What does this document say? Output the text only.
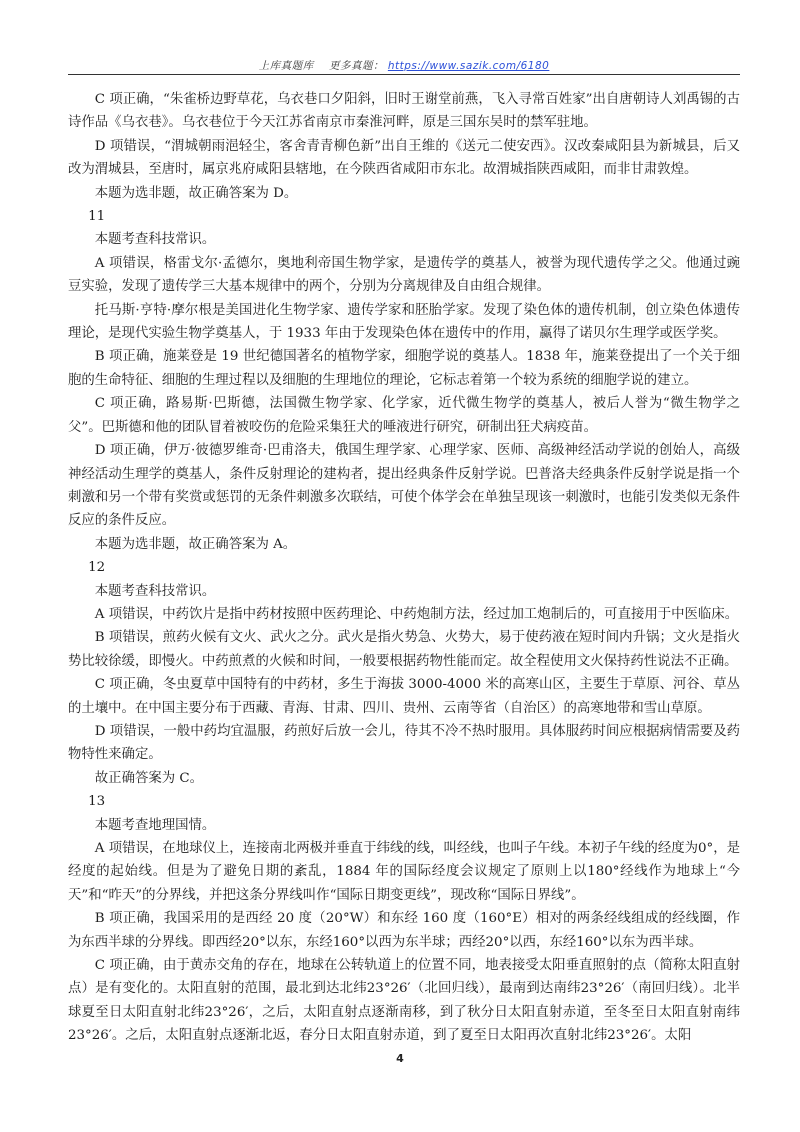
上库真题库 更多真题： https://www.sazik.com/6180

C 项正确，“朱雀桥边野草花，乌衣巷口夕阳斜，旧时王谢堂前燕，飞入寻常百姓家”出自唐朝诗人刘禹锡的古诗作品《乌衣巷》。乌衣巷位于今天江苏省南京市秦淮河畔，原是三国东吴时的禁军驻地。

D 项错误，“渭城朝雨浥轻尘，客舍青青柳色新”出自王维的《送元二使安西》。汉改秦咸阳县为新城县，后又改为渭城县，至唐时，属京兆府咸阳县辖地，在今陕西省咸阳市东北。故渭城指陕西咸阳，而非甘肃敦煌。

本题为选非题，故正确答案为 D。

11

本题考查科技常识。

A 项错误，格雷戈尔·孟德尔，奥地利帝国生物学家，是遗传学的奠基人，被誉为现代遗传学之父。他通过豌豆实验，发现了遗传学三大基本规律中的两个，分别为分离规律及自由组合规律。

托马斯·亨特·摩尔根是美国进化生物学家、遗传学家和胚胎学家。发现了染色体的遗传机制，创立染色体遗传理论，是现代实验生物学奠基人，于 1933 年由于发现染色体在遗传中的作用，赢得了诺贝尔生理学或医学奖。

B 项正确，施莱登是 19 世纪德国著名的植物学家，细胞学说的奠基人。1838 年，施莱登提出了一个关于细胞的生命特征、细胞的生理过程以及细胞的生理地位的理论，它标志着第一个较为系统的细胞学说的建立。

C 项正确，路易斯·巴斯德，法国微生物学家、化学家，近代微生物学的奠基人，被后人誉为“微生物学之父”。巴斯德和他的团队冒着被咬伤的危险采集狂犬的唾液进行研究，研制出狂犬病疫苗。

D 项正确，伊万·彼德罗维奇·巴甫洛夫，俄国生理学家、心理学家、医师、高级神经活动学说的创始人，高级神经活动生理学的奠基人，条件反射理论的建构者，提出经典条件反射学说。巴普洛夫经典条件反射学说是指一个刺激和另一个带有奖赏或惩罚的无条件刺激多次联结，可使个体学会在单独呈现该一刺激时，也能引发类似无条件反应的条件反应。

本题为选非题，故正确答案为 A。

12

本题考查科技常识。

A 项错误，中药饮片是指中药材按照中医药理论、中药炮制方法，经过加工炮制后的，可直接用于中医临床。

B 项错误，煎药火候有文火、武火之分。武火是指火势急、火势大，易于使药液在短时间内升锅；文火是指火势比较徐缓，即慢火。中药煎煮的火候和时间，一般要根据药物性能而定。故全程使用文火保持药性说法不正确。

C 项正确，冬虫夏草中国特有的中药材，多生于海拔 3000-4000 米的高寒山区，主要生于草原、河谷、草丛的土壤中。在中国主要分布于西藏、青海、甘肃、四川、贵州、云南等省（自治区）的高寒地带和雪山草原。

D 项错误，一般中药均宜温服，药煎好后放一会儿，待其不冷不热时服用。具体服药时间应根据病情需要及药物特性来确定。

故正确答案为 C。

13

本题考查地理国情。

A 项错误，在地球仪上，连接南北两极并垂直于纬线的线，叫经线，也叫子午线。本初子午线的经度为0°，是经度的起始线。但是为了避免日期的紊乱，1884 年的国际经度会议规定了原则上以180°经线作为地球上“今天”和“昨天”的分界线，并把这条分界线叫作“国际日期变更线”，现改称“国际日界线”。

B 项正确，我国采用的是西经 20 度（20°W）和东经 160 度（160°E）相对的两条经线组成的经线圈，作为东西半球的分界线。即西经20°以东，东经160°以西为东半球；西经20°以西，东经160°以东为西半球。

C 项正确，由于黄赤交角的存在，地球在公转轨道上的位置不同，地表接受太阳垂直照射的点（简称太阳直射点）是有变化的。太阳直射的范围，最北到达北纬23°26′（北回归线），最南到达南纬23°26′（南回归线）。北半球夏至日太阳直射北纬23°26′，之后，太阳直射点逐渐南移，到了秋分日太阳直射赤道，至冬至日太阳直射南纬23°26′。之后，太阳直射点逐渐北返，春分日太阳直射赤道，到了夏至日太阳再次直射北纬23°26′。太阳

4
